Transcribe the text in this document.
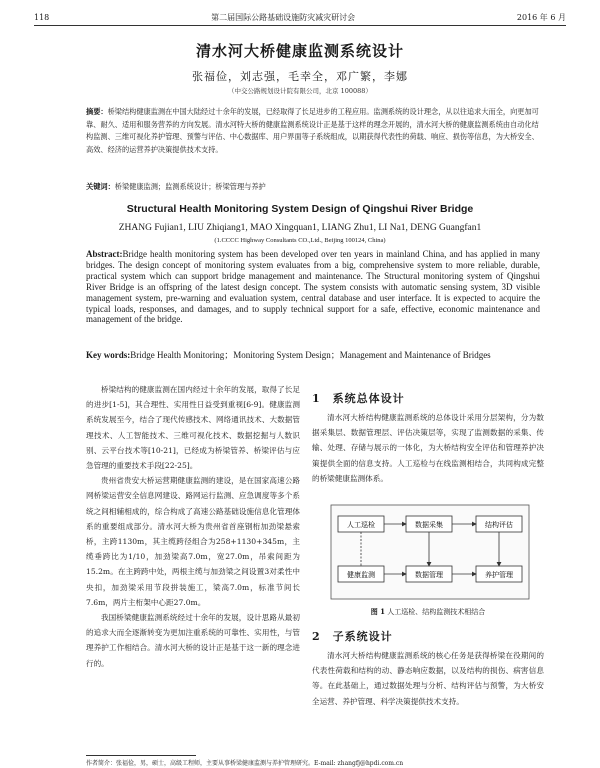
118	第二届国际公路基础设施防灾减灾研讨会	2016 年 6 月
清水河大桥健康监测系统设计
张福俭，刘志强，毛幸全，邓广繁，李娜
（中交公路规划设计院有限公司，北京 100088）
摘要：桥梁结构健康监测在中国大陆经过十余年的发展，已经取得了长足进步的工程应用。监测系统的设计理念，从以往追求大而全，向更加可靠、耐久、适用和服务营养的方向发展。清水河特大桥的健康监测系统设计正是基于这样的理念开展的，清水河大桥的健康监测系统由自动化结构监测、三维可视化养护管理、预警与评估、中心数据库、用户界面等子系统组成，以期获得代表性的荷载、响应、损伤等信息，为大桥安全、高效、经济的运营养护决策提供技术支持。
关键词：桥梁健康监测；监测系统设计；桥梁管理与养护
Structural Health Monitoring System Design of Qingshui River Bridge
ZHANG Fujian1, LIU Zhiqiang1, MAO Xingquan1, LIANG Zhu1, LI Na1, DENG Guangfan1
(1.CCCC Highway Consultants CO.,Ltd., Beijing 100124, China)
Abstract:Bridge health monitoring system has been developed over ten years in mainland China, and has applied in many bridges. The design concept of monitoring system evaluates from a big, comprehensive system to more reliable, durable, practical system which can support bridge management and maintenance. The Structural monitoring system of Qingshui River Bridge is an offspring of the latest design concept. The system consists with automatic sensing system, 3D visible management system, pre-warning and evaluation system, central database and user interface. It is expected to acquire the typical loads, responses, and damages, and to supply technical support for a safe, effective, economic maintenance and management of the bridge.
Key words:Bridge Health Monitoring；Monitoring System Design；Management and Maintenance of Bridges

桥梁结构的健康监测在国内经过十余年的发展，取得了长足的进步[1-5]，其合理性、实用性日益受到重视[6-9]。健康监测系统发展至今，结合了现代传感技术、网络通讯技术、大数据管理技术、人工智能技术、三维可视化技术、数据挖掘与人数识别、云平台技术等[10-21]，已经成为桥梁管养、桥梁评估与应急管理的重要技术手段[22-25]。

贵州省贵安大桥运营期健康监测的建设，是在国家高速公路网桥梁运营安全信息网建设、路网运行监测、应急调度等多个系统之间相辅相成的，综合构成了高速公路基础设施信息化管理体系的重要组成部分。清水河大桥为贵州省首座钢桁加劲梁悬索桥，主跨1130m，其主缆跨径组合为258+1130+345m，主缆垂跨比为1/10，加劲梁高7.0m，宽27.0m，吊索间距为15.2m。在主跨跨中处，两根主缆与加劲梁之间设置3对柔性中央扣，加劲梁采用节段拼装施工，梁高7.0m，标准节间长7.6m，两片主桁架中心距27.0m。

我国桥梁健康监测系统经过十余年的发展，设计思路从最初的追求大而全逐渐转变为更加注重系统的可靠性、实用性，与管理养护工作相结合。清水河大桥的设计正是基于这一新的理念进行的。

1　系统总体设计

清水河大桥结构健康监测系统的总体设计采用分层架构，分为数据采集层、数据管理层、评估决策层等，实现了监测数据的采集、传输、处理、存储与展示的一体化，为大桥结构安全评估和管理养护决策提供全面的信息支持。人工巡检与在线监测相结合，共同构成完整的桥梁健康监测体系。

人工巡检
健康监测
数据采集
数据管理
结构评估
养护管理
图 1 人工巡检、结构监测技术相结合
2　子系统设计

清水河大桥结构健康监测系统的核心任务是获得桥梁在役期间的代表性荷载和结构的动、静态响应数据，以及结构的损伤、病害信息等。在此基础上，通过数据处理与分析、结构评估与预警，为大桥安全运营、养护管理、科学决策提供技术支持。

作者简介：张福俭，男，硕士，高级工程师，主要从事桥梁健康监测与养护管理研究。E-mail: zhangfj@hpdi.com.cn
